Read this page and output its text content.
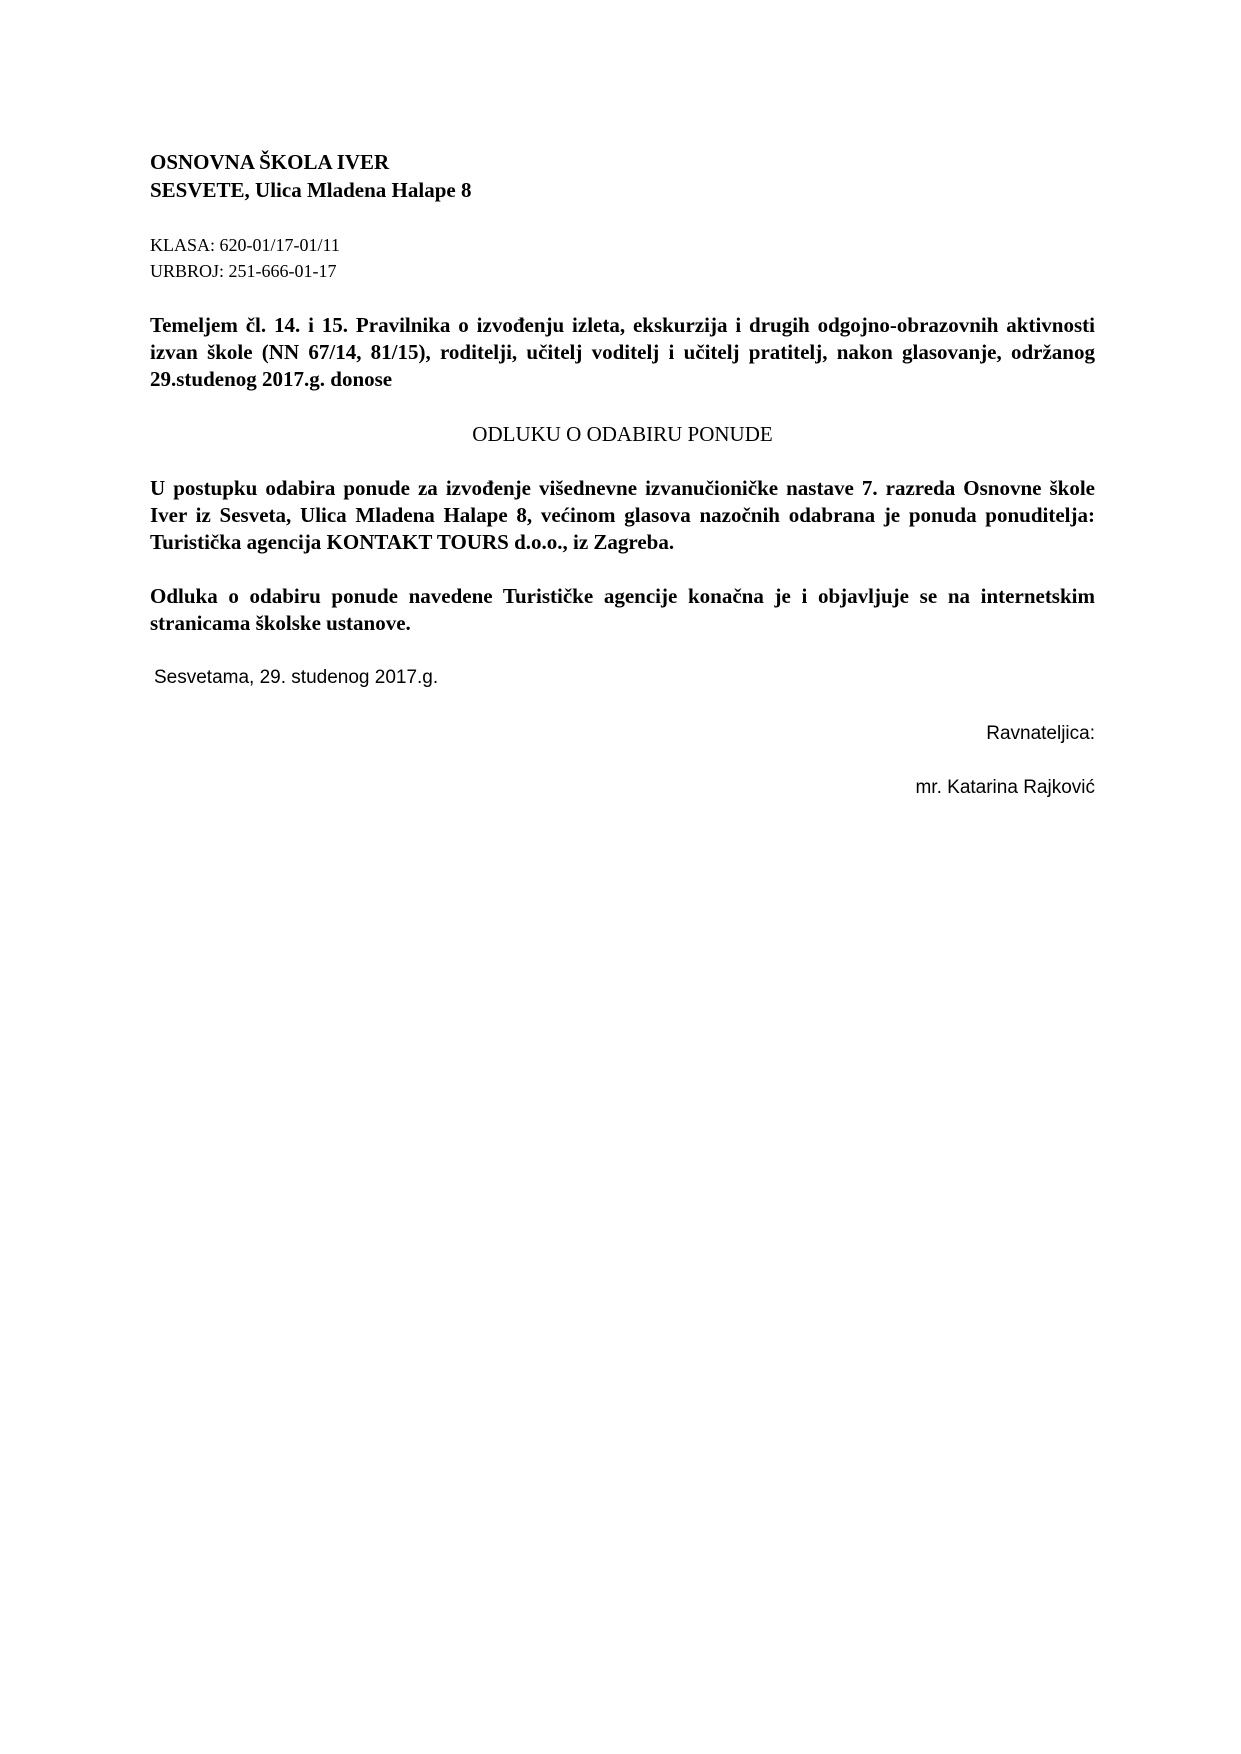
OSNOVNA ŠKOLA IVER

SESVETE, Ulica Mladena Halape 8

KLASA: 620-01/17-01/11

URBROJ: 251-666-01-17

Temeljem čl. 14. i 15. Pravilnika o izvođenju izleta, ekskurzija i drugih odgojno-obrazovnih aktivnosti izvan škole (NN 67/14, 81/15), roditelji, učitelj voditelj i učitelj pratitelj, nakon glasovanje, održanog 29.studenog 2017.g. donose

ODLUKU O ODABIRU PONUDE

U postupku odabira ponude za izvođenje višednevne izvanučioničke nastave 7. razreda Osnovne škole Iver iz Sesveta, Ulica Mladena Halape 8, većinom glasova nazočnih odabrana je ponuda ponuditelja: Turistička agencija KONTAKT TOURS d.o.o., iz Zagreba.

Odluka o odabiru ponude navedene Turističke agencije konačna je i objavljuje se na internetskim stranicama školske ustanove.

Sesvetama, 29. studenog 2017.g.

Ravnateljica:

mr. Katarina Rajković
